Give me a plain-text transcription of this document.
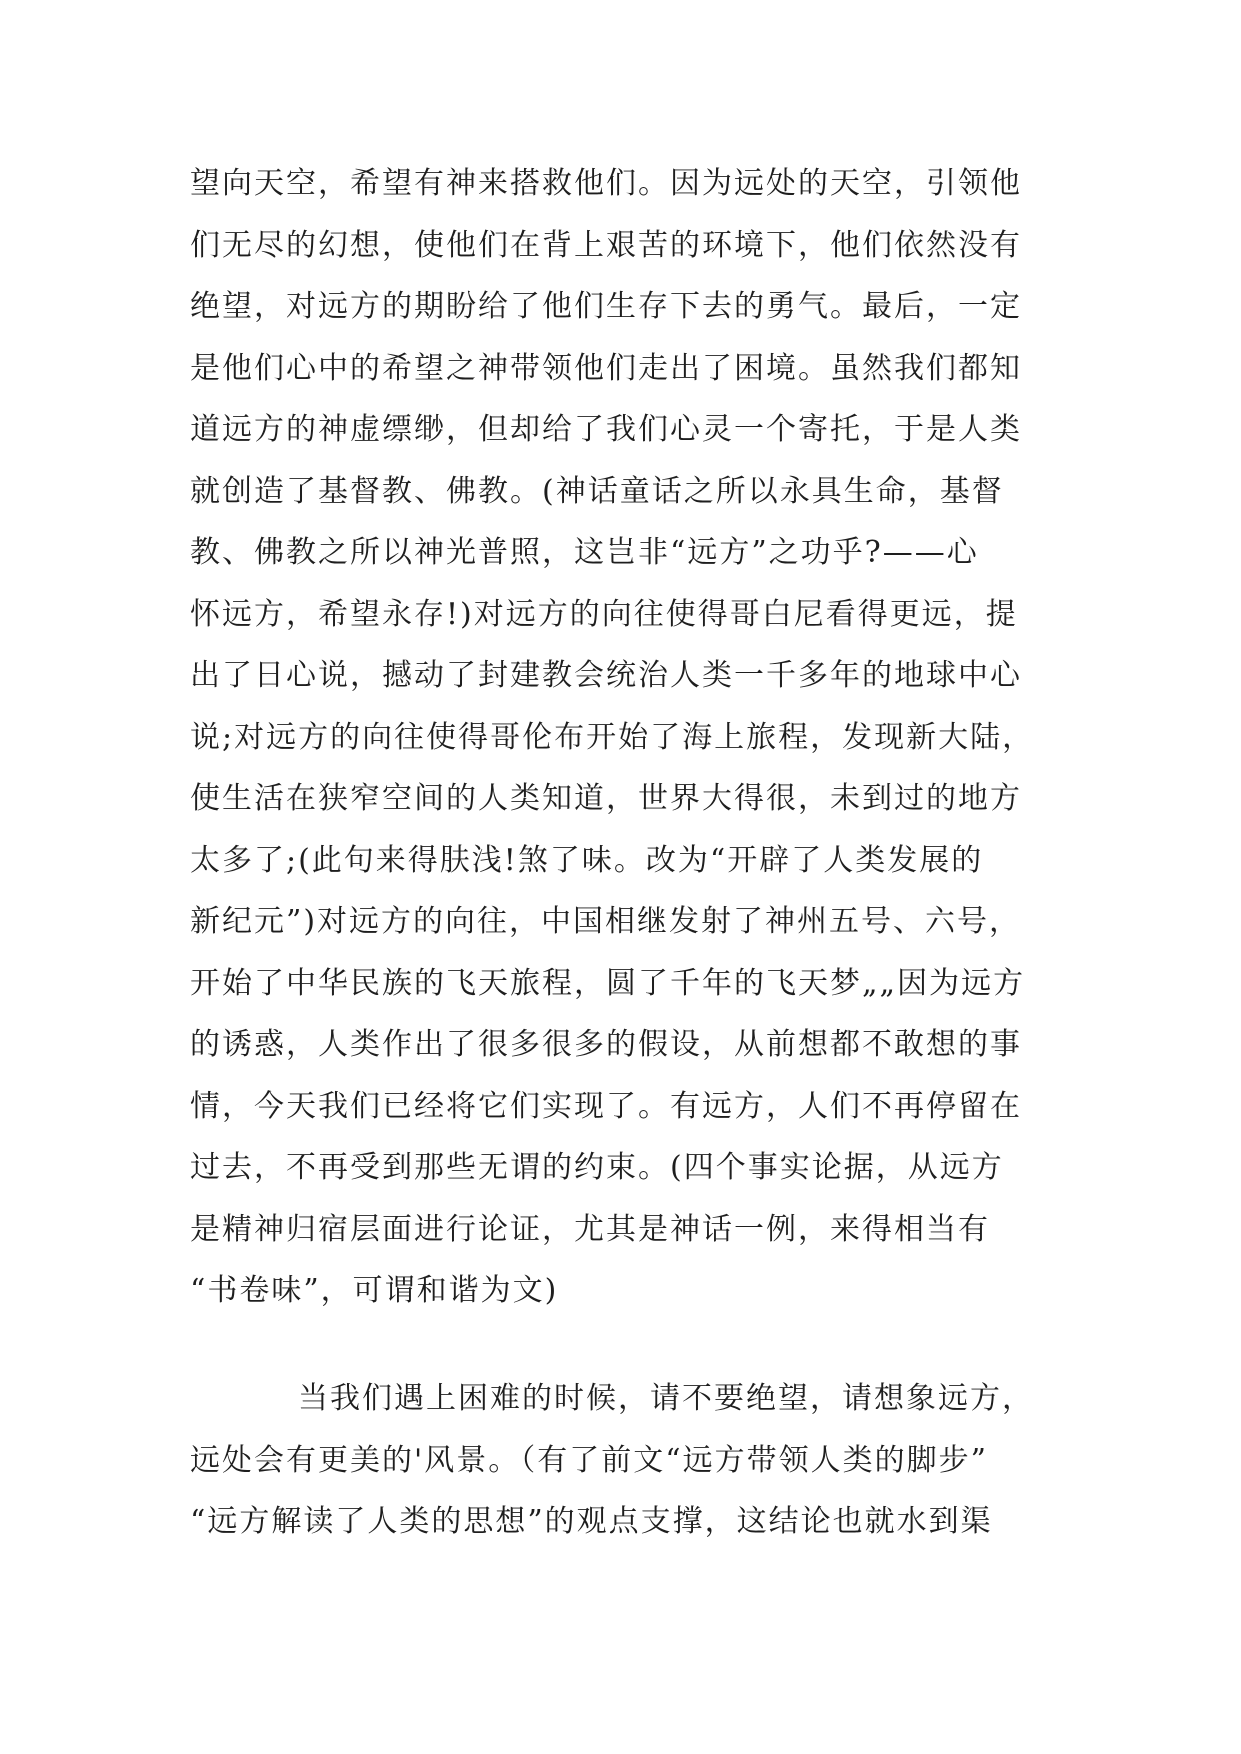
望向天空，希望有神来搭救他们。因为远处的天空，引领他
们无尽的幻想，使他们在背上艰苦的环境下，他们依然没有
绝望，对远方的期盼给了他们生存下去的勇气。最后，一定
是他们心中的希望之神带领他们走出了困境。虽然我们都知
道远方的神虚缥缈，但却给了我们心灵一个寄托，于是人类
就创造了基督教、佛教。(神话童话之所以永具生命，基督
教、佛教之所以神光普照，这岂非“远方”之功乎?——心
怀远方，希望永存!)对远方的向往使得哥白尼看得更远，提
出了日心说，撼动了封建教会统治人类一千多年的地球中心
说;对远方的向往使得哥伦布开始了海上旅程，发现新大陆，
使生活在狭窄空间的人类知道，世界大得很，未到过的地方
太多了;(此句来得肤浅!煞了味。改为“开辟了人类发展的
新纪元”)对远方的向往，中国相继发射了神州五号、六号，
开始了中华民族的飞天旅程，圆了千年的飞天梦„„因为远方
的诱惑，人类作出了很多很多的假设，从前想都不敢想的事
情，今天我们已经将它们实现了。有远方，人们不再停留在
过去，不再受到那些无谓的约束。(四个事实论据，从远方
是精神归宿层面进行论证，尤其是神话一例，来得相当有
“书卷味”，可谓和谐为文)
当我们遇上困难的时候，请不要绝望，请想象远方，
远处会有更美的'风景。（有了前文“远方带领人类的脚步”
“远方解读了人类的思想”的观点支撑，这结论也就水到渠
